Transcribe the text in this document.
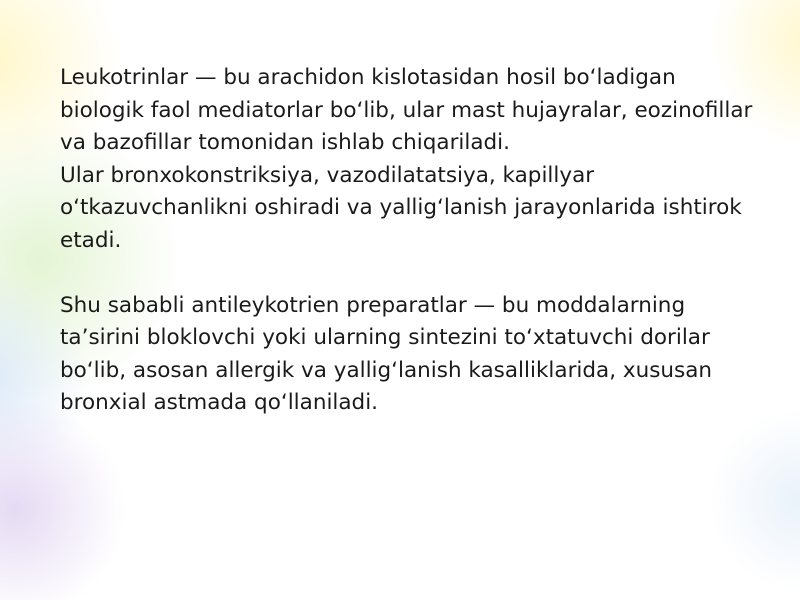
Leukotrinlar — bu arachidon kislotasidan hosil bo‘ladigan biologik faol mediatorlar bo‘lib, ular mast hujayralar, eozinofillar va bazofillar tomonidan ishlab chiqariladi.

Ular bronxokonstriksiya, vazodilatatsiya, kapillyar o‘tkazuvchanlikni oshiradi va yallig‘lanish jarayonlarida ishtirok etadi.

Shu sababli antileykotrien preparatlar — bu moddalarning ta’sirini bloklovchi yoki ularning sintezini to‘xtatuvchi dorilar bo‘lib, asosan allergik va yallig‘lanish kasalliklarida, xususan bronxial astmada qo‘llaniladi.
